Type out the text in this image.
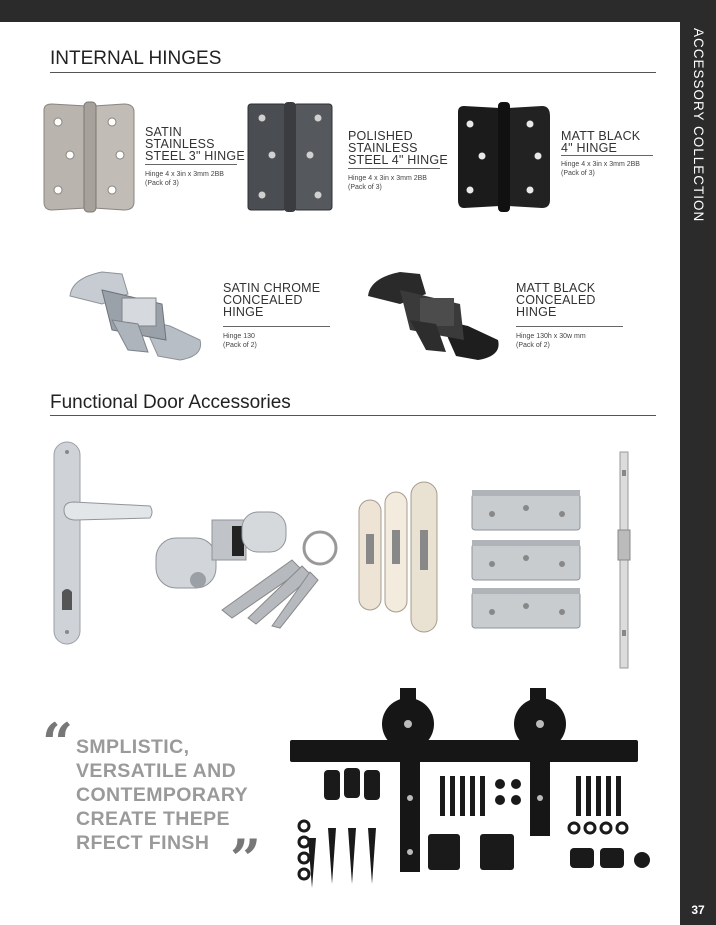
ACCESSORY COLLECTION
37
INTERNAL HINGES
SATIN
STAINLESS
STEEL 3" HINGE
Hinge 4 x 3in x 3mm 2BB
(Pack of 3)
POLISHED
STAINLESS
STEEL 4" HINGE
Hinge 4 x 3in x 3mm 2BB
(Pack of 3)
MATT BLACK
4" HINGE
Hinge 4 x 3in x 3mm 2BB
(Pack of 3)
SATIN CHROME
CONCEALED
HINGE
Hinge 130
(Pack of 2)
MATT BLACK
CONCEALED
HINGE
Hinge 130h x 30w mm
(Pack of 2)
Functional Door Accessories
“ SMPLISTIC,
VERSATILE AND
CONTEMPORARY
CREATE THEPE
RFECT FINSH ”
